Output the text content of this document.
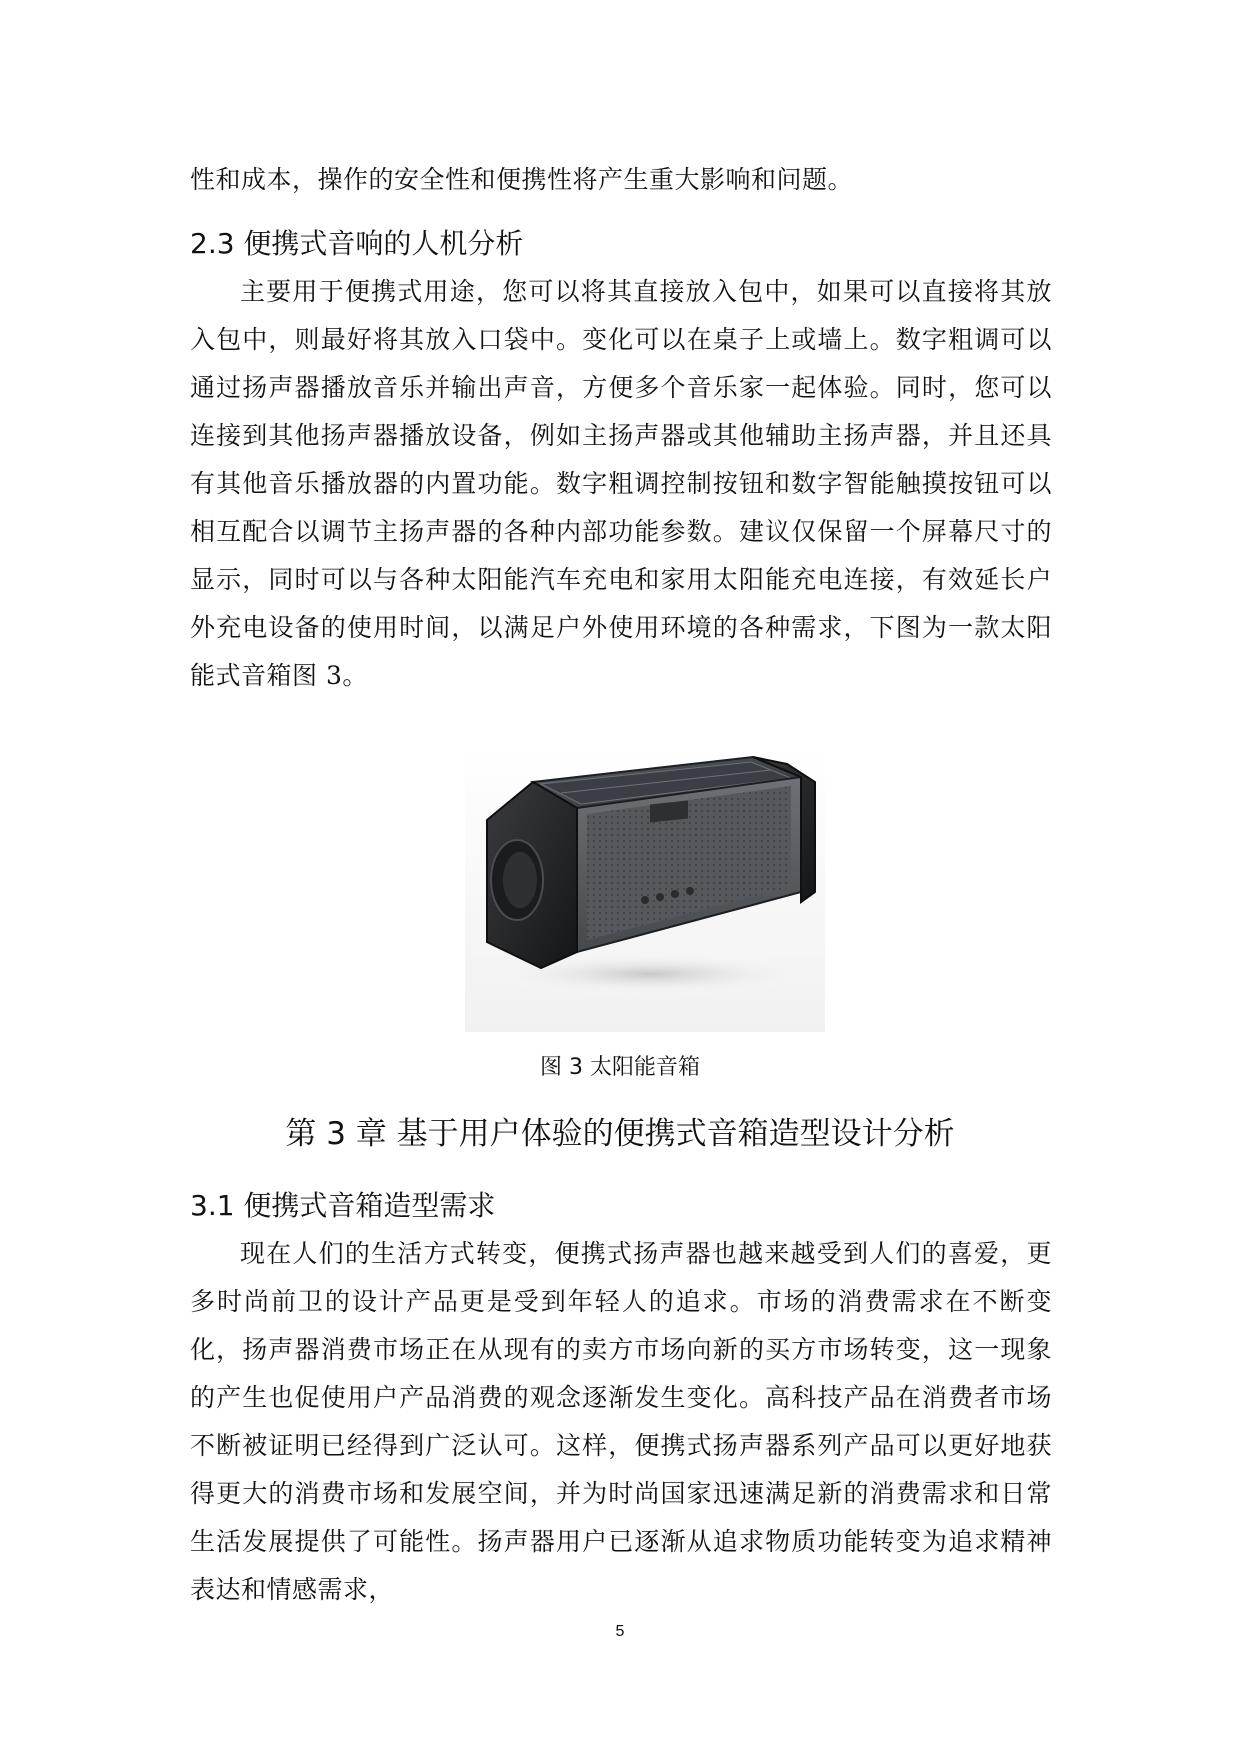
性和成本，操作的安全性和便携性将产生重大影响和问题。

2.3 便携式音响的人机分析

主要用于便携式用途，您可以将其直接放入包中，如果可以直接将其放入包中，则最好将其放入口袋中。变化可以在桌子上或墙上。数字粗调可以通过扬声器播放音乐并输出声音，方便多个音乐家一起体验。同时，您可以连接到其他扬声器播放设备，例如主扬声器或其他辅助主扬声器，并且还具有其他音乐播放器的内置功能。数字粗调控制按钮和数字智能触摸按钮可以相互配合以调节主扬声器的各种内部功能参数。建议仅保留一个屏幕尺寸的显示，同时可以与各种太阳能汽车充电和家用太阳能充电连接，有效延长户外充电设备的使用时间，以满足户外使用环境的各种需求，下图为一款太阳能式音箱图 3。

图 3 太阳能音箱

第 3 章 基于用户体验的便携式音箱造型设计分析
3.1 便携式音箱造型需求

现在人们的生活方式转变，便携式扬声器也越来越受到人们的喜爱，更多时尚前卫的设计产品更是受到年轻人的追求。市场的消费需求在不断变化，扬声器消费市场正在从现有的卖方市场向新的买方市场转变，这一现象的产生也促使用户产品消费的观念逐渐发生变化。高科技产品在消费者市场不断被证明已经得到广泛认可。这样，便携式扬声器系列产品可以更好地获得更大的消费市场和发展空间，并为时尚国家迅速满足新的消费需求和日常生活发展提供了可能性。扬声器用户已逐渐从追求物质功能转变为追求精神表达和情感需求，

5
